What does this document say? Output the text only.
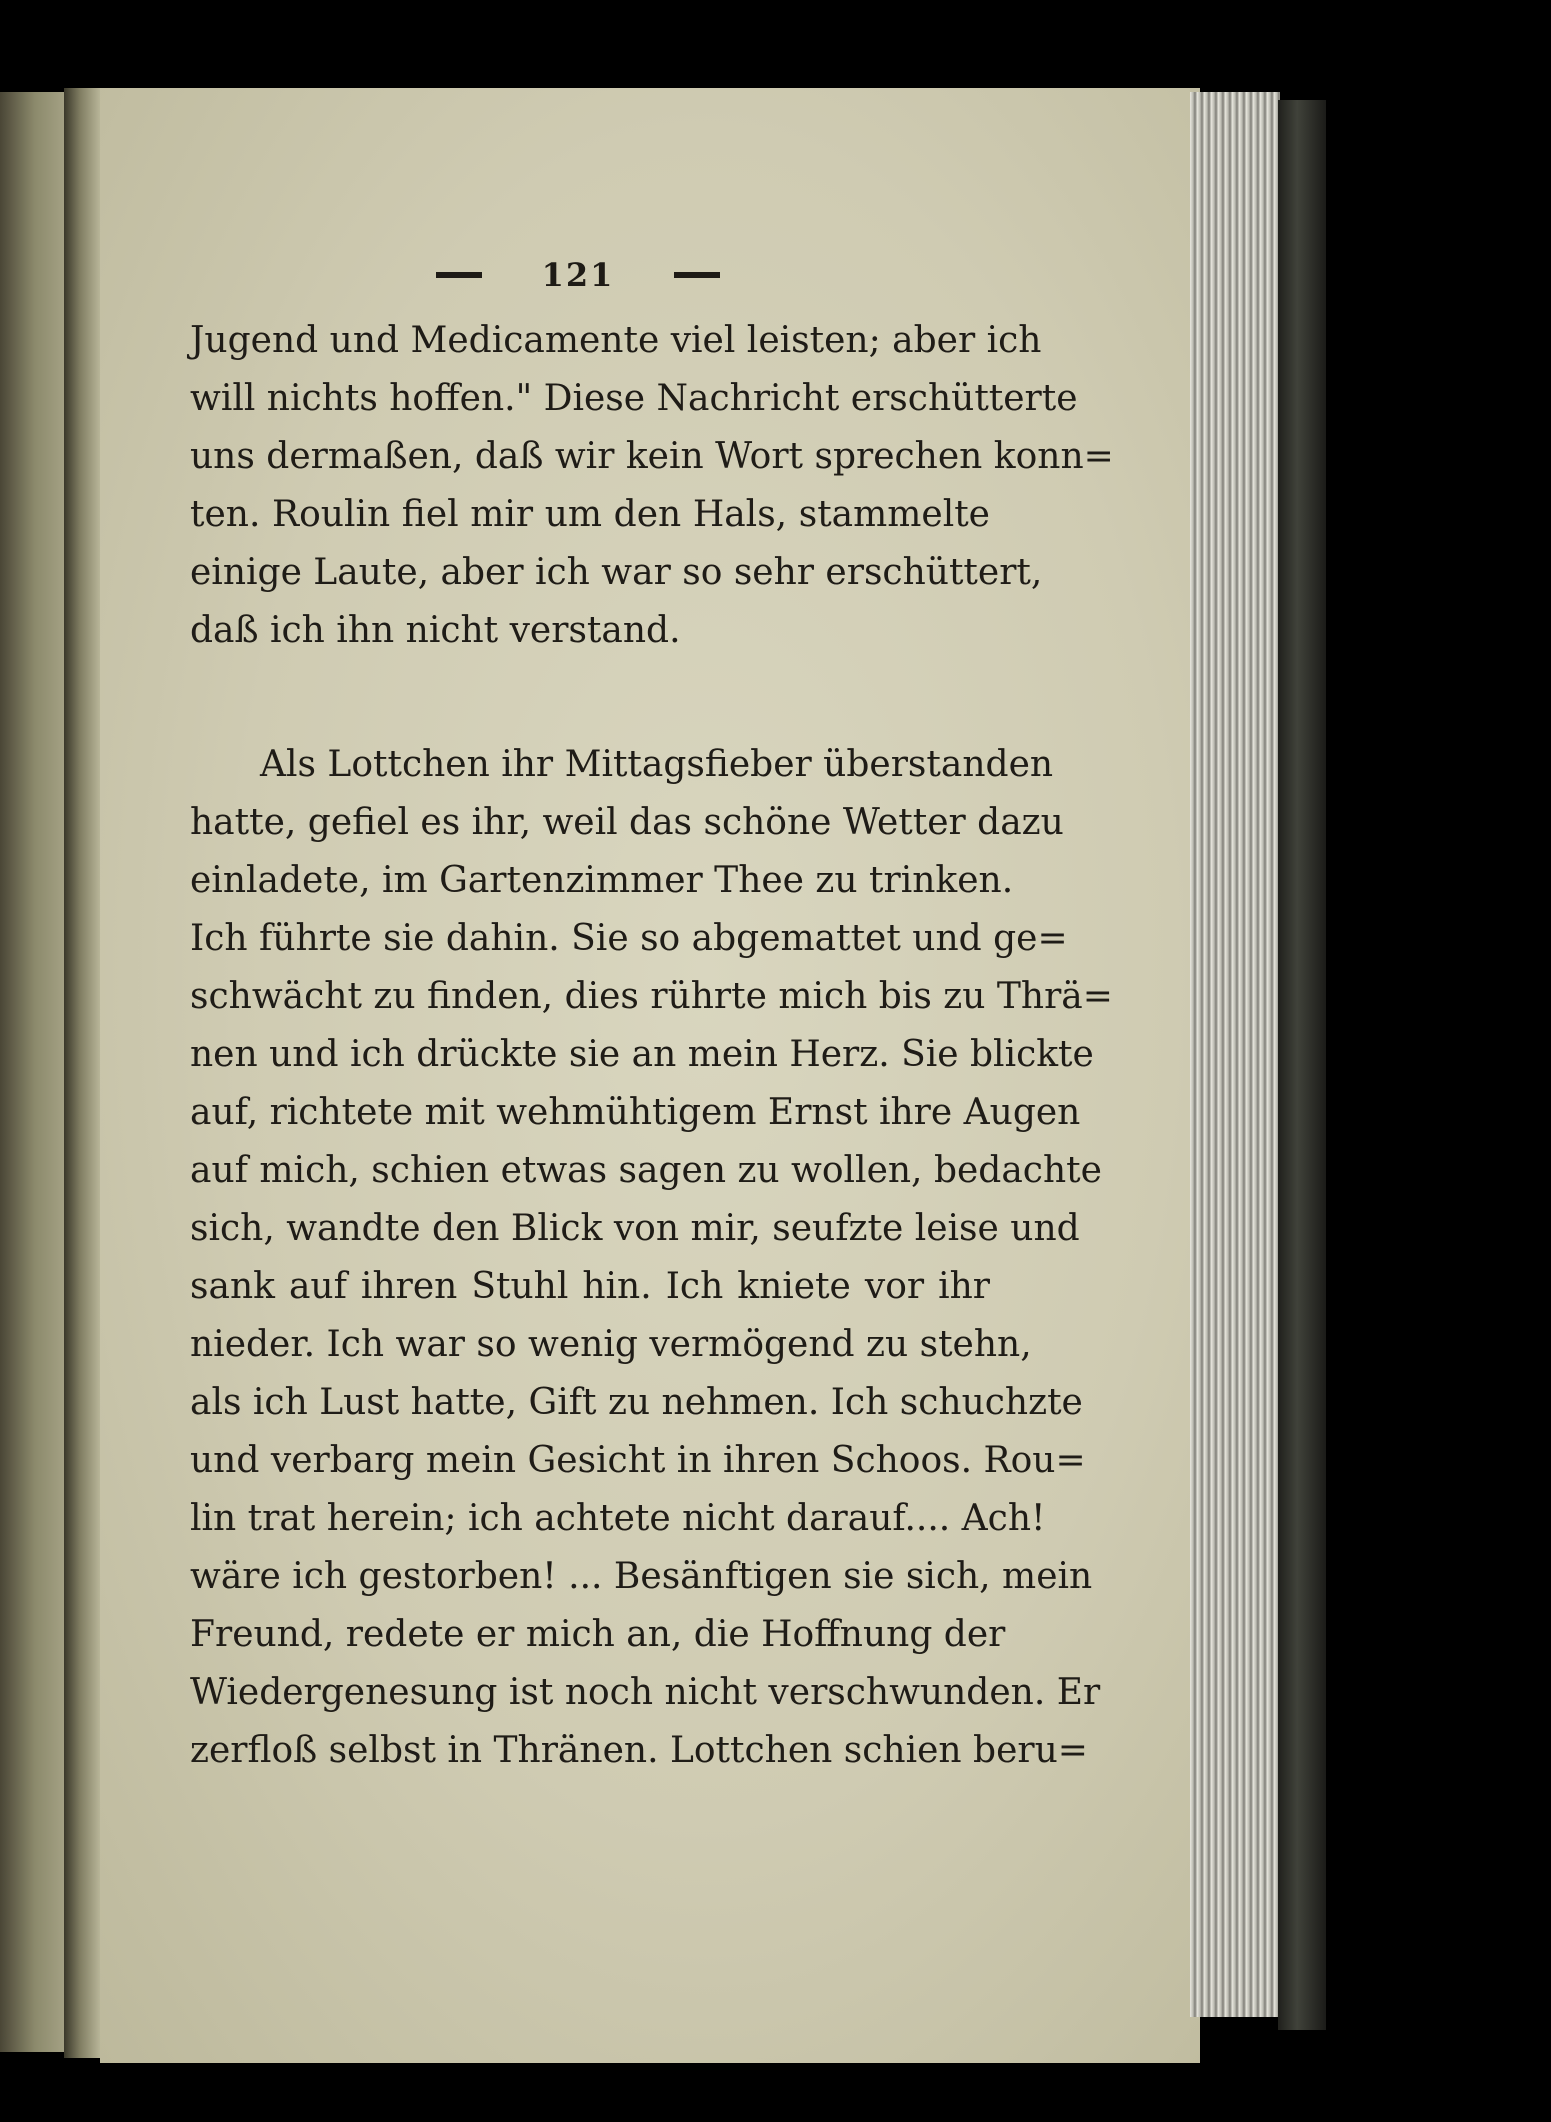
121
Jugend und Medicamente viel leisten; aber ich
will nichts hoffen." Diese Nachricht erschütterte
uns dermaßen, daß wir kein Wort sprechen konn=
ten. Roulin fiel mir um den Hals, stammelte
einige Laute, aber ich war so sehr erschüttert,
daß ich ihn nicht verstand.
Als Lottchen ihr Mittagsfieber überstanden
hatte, gefiel es ihr, weil das schöne Wetter dazu
einladete, im Gartenzimmer Thee zu trinken.
Ich führte sie dahin. Sie so abgemattet und ge=
schwächt zu finden, dies rührte mich bis zu Thrä=
nen und ich drückte sie an mein Herz. Sie blickte
auf, richtete mit wehmühtigem Ernst ihre Augen
auf mich, schien etwas sagen zu wollen, bedachte
sich, wandte den Blick von mir, seufzte leise und
sank auf ihren Stuhl hin. Ich kniete vor ihr
nieder. Ich war so wenig vermögend zu stehn,
als ich Lust hatte, Gift zu nehmen. Ich schuchzte
und verbarg mein Gesicht in ihren Schoos. Rou=
lin trat herein; ich achtete nicht darauf.... Ach!
wäre ich gestorben! ... Besänftigen sie sich, mein
Freund, redete er mich an, die Hoffnung der
Wiedergenesung ist noch nicht verschwunden. Er
zerfloß selbst in Thränen. Lottchen schien beru=
